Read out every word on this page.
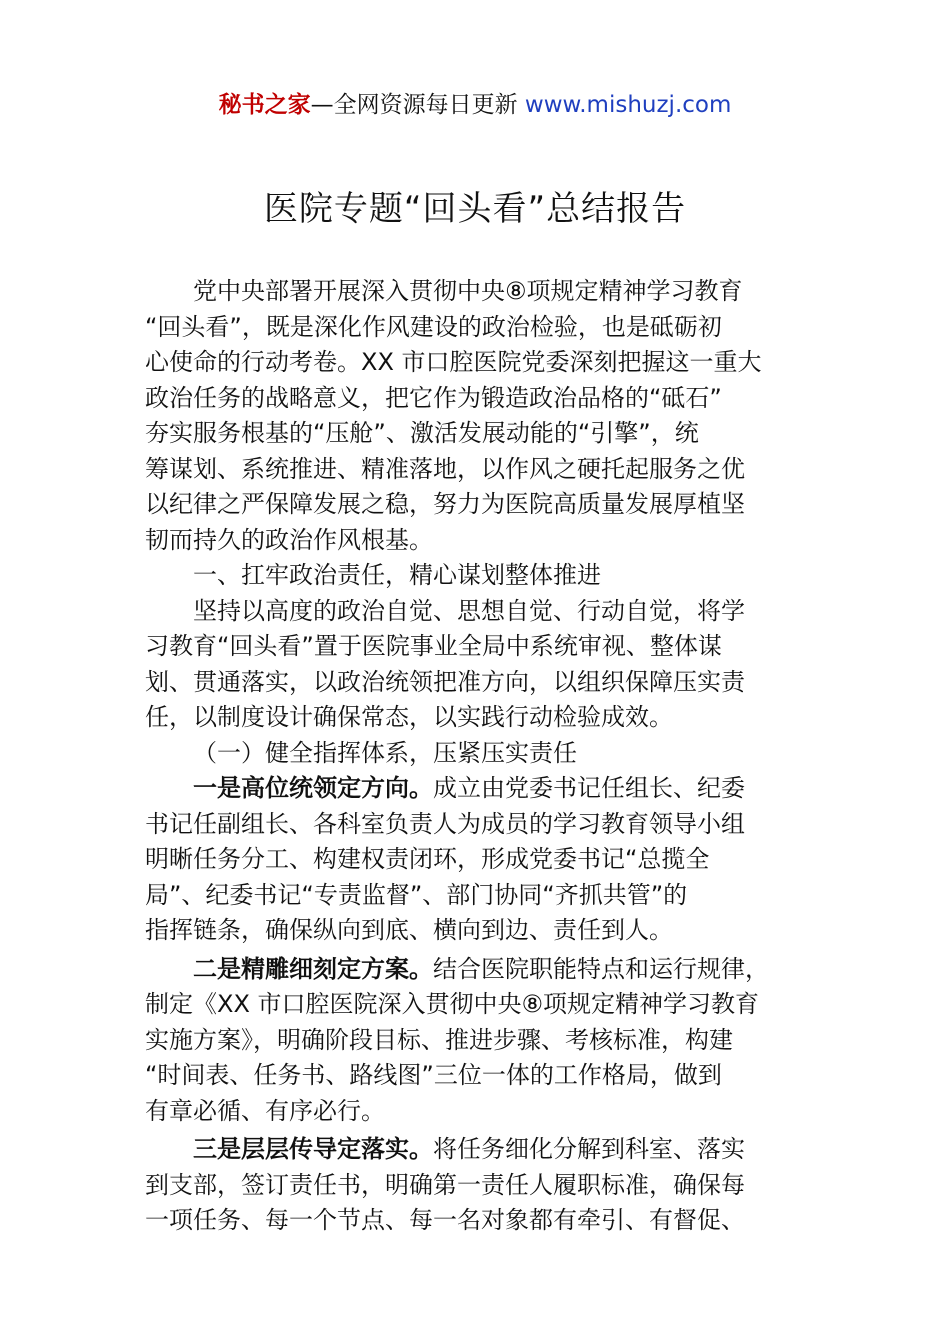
秘书之家—全网资源每日更新 www.mishuzj.com
医院专题“回头看”总结报告
党中央部署开展深入贯彻中央⑧项规定精神学习教育
“回头看”，既是深化作风建设的政治检验，也是砥砺初
心使命的行动考卷。XX 市口腔医院党委深刻把握这一重大
政治任务的战略意义，把它作为锻造政治品格的“砥石”
夯实服务根基的“压舱”、激活发展动能的“引擎”，统
筹谋划、系统推进、精准落地，以作风之硬托起服务之优
以纪律之严保障发展之稳，努力为医院高质量发展厚植坚
韧而持久的政治作风根基。
一、扛牢政治责任，精心谋划整体推进
坚持以高度的政治自觉、思想自觉、行动自觉，将学
习教育“回头看”置于医院事业全局中系统审视、整体谋
划、贯通落实，以政治统领把准方向，以组织保障压实责
任，以制度设计确保常态，以实践行动检验成效。
（一）健全指挥体系，压紧压实责任
一是高位统领定方向。成立由党委书记任组长、纪委
书记任副组长、各科室负责人为成员的学习教育领导小组
明晰任务分工、构建权责闭环，形成党委书记“总揽全
局”、纪委书记“专责监督”、部门协同“齐抓共管”的
指挥链条，确保纵向到底、横向到边、责任到人。
二是精雕细刻定方案。结合医院职能特点和运行规律，
制定《XX 市口腔医院深入贯彻中央⑧项规定精神学习教育
实施方案》，明确阶段目标、推进步骤、考核标准，构建
“时间表、任务书、路线图”三位一体的工作格局，做到
有章必循、有序必行。
三是层层传导定落实。将任务细化分解到科室、落实
到支部，签订责任书，明确第一责任人履职标准，确保每
一项任务、每一个节点、每一名对象都有牵引、有督促、
